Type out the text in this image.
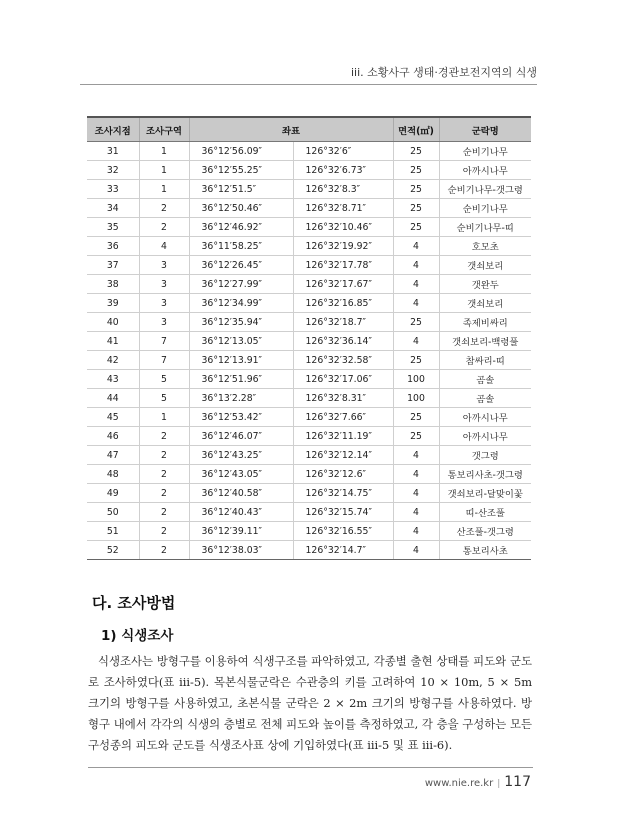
iii. 소황사구 생태·경관보전지역의 식생
조사지점	조사구역	좌표		면적(㎡)	군락명
31	1	36°12′56.09″	126°32′6″	25	순비기나무
32	1	36°12′55.25″	126°32′6.73″	25	아까시나무
33	1	36°12′51.5″	126°32′8.3″	25	순비기나무-갯그령
34	2	36°12′50.46″	126°32′8.71″	25	순비기나무
35	2	36°12′46.92″	126°32′10.46″	25	순비기나무-띠
36	4	36°11′58.25″	126°32′19.92″	4	호모초
37	3	36°12′26.45″	126°32′17.78″	4	갯쇠보리
38	3	36°12′27.99″	126°32′17.67″	4	갯완두
39	3	36°12′34.99″	126°32′16.85″	4	갯쇠보리
40	3	36°12′35.94″	126°32′18.7″	25	족제비싸리
41	7	36°12′13.05″	126°32′36.14″	4	갯쇠보리-백령풀
42	7	36°12′13.91″	126°32′32.58″	25	참싸리-띠
43	5	36°12′51.96″	126°32′17.06″	100	곰솔
44	5	36°13′2.28″	126°32′8.31″	100	곰솔
45	1	36°12′53.42″	126°32′7.66″	25	아까시나무
46	2	36°12′46.07″	126°32′11.19″	25	아까시나무
47	2	36°12′43.25″	126°32′12.14″	4	갯그령
48	2	36°12′43.05″	126°32′12.6″	4	통보리사초-갯그령
49	2	36°12′40.58″	126°32′14.75″	4	갯쇠보리-달맞이꽃
50	2	36°12′40.43″	126°32′15.74″	4	띠-산조풀
51	2	36°12′39.11″	126°32′16.55″	4	산조풀-갯그령
52	2	36°12′38.03″	126°32′14.7″	4	통보리사초
다. 조사방법
1) 식생조사
식생조사는 방형구를 이용하여 식생구조를 파악하였고, 각종별 출현 상태를 피도와 군도로 조사하였다(표 iii-5). 목본식물군락은 수관층의 키를 고려하여 10 × 10m, 5 × 5m 크기의 방형구를 사용하였고, 초본식물 군락은 2 × 2m 크기의 방형구를 사용하였다. 방형구 내에서 각각의 식생의 층별로 전체 피도와 높이를 측정하였고, 각 층을 구성하는 모든 구성종의 피도와 군도를 식생조사표 상에 기입하였다(표 iii-5 및 표 iii-6).
www.nie.re.kr | 117
